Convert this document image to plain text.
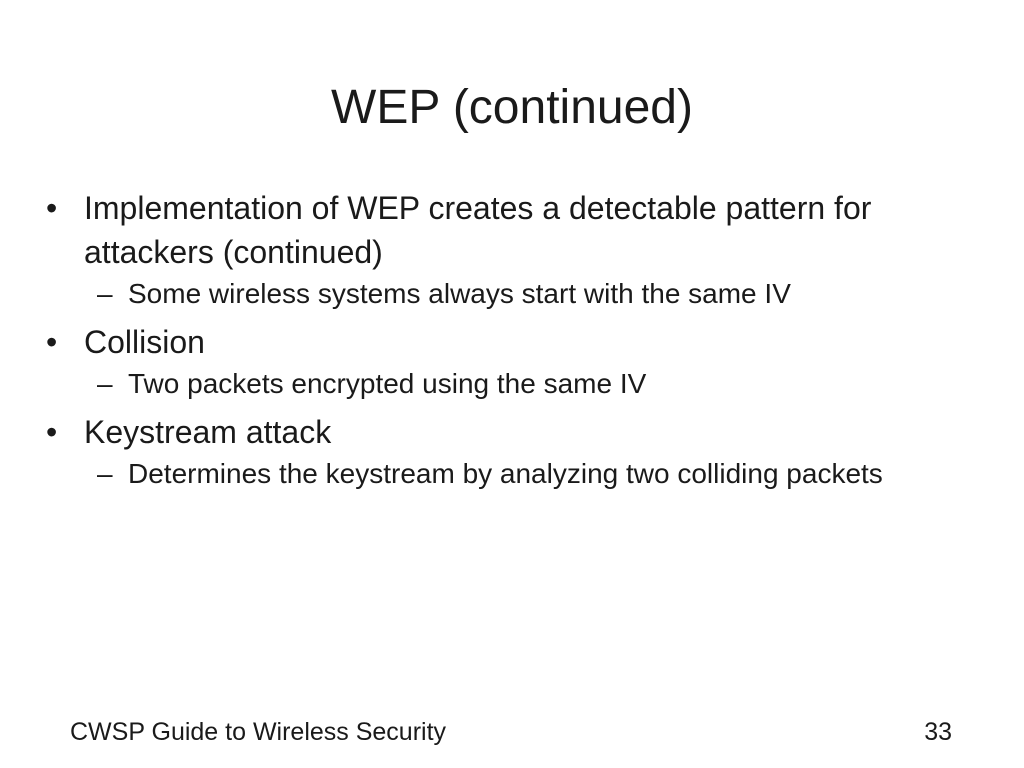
WEP (continued)
• Implementation of WEP creates a detectable pattern for attackers (continued)
– Some wireless systems always start with the same IV
• Collision
– Two packets encrypted using the same IV
• Keystream attack
– Determines the keystream by analyzing two colliding packets
CWSP Guide to Wireless Security	33
